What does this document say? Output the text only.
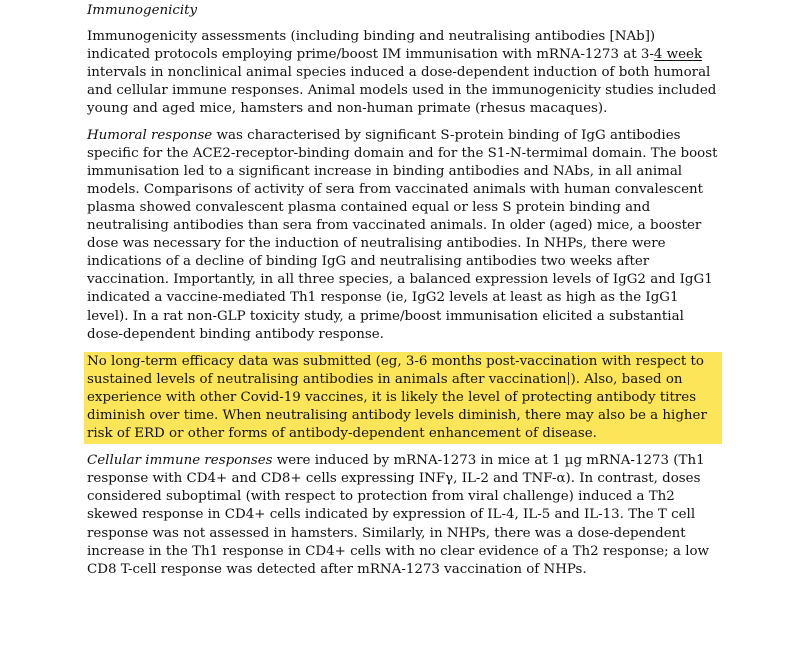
Immunogenicity

Immunogenicity assessments (including binding and neutralising antibodies [NAb]) indicated protocols employing prime/boost IM immunisation with mRNA-1273 at 3-4 week intervals in nonclinical animal species induced a dose-dependent induction of both humoral and cellular immune responses. Animal models used in the immunogenicity studies included young and aged mice, hamsters and non-human primate (rhesus macaques).

Humoral response was characterised by significant S-protein binding of IgG antibodies specific for the ACE2-receptor-binding domain and for the S1-N-termimal domain. The boost immunisation led to a significant increase in binding antibodies and NAbs, in all animal models. Comparisons of activity of sera from vaccinated animals with human convalescent plasma showed convalescent plasma contained equal or less S protein binding and neutralising antibodies than sera from vaccinated animals. In older (aged) mice, a booster dose was necessary for the induction of neutralising antibodies. In NHPs, there were indications of a decline of binding IgG and neutralising antibodies two weeks after vaccination. Importantly, in all three species, a balanced expression levels of IgG2 and IgG1 indicated a vaccine-mediated Th1 response (ie, IgG2 levels at least as high as the IgG1 level). In a rat non-GLP toxicity study, a prime/boost immunisation elicited a substantial dose-dependent binding antibody response.

No long-term efficacy data was submitted (eg, 3-6 months post-vaccination with respect to sustained levels of neutralising antibodies in animals after vaccination ). Also, based on experience with other Covid-19 vaccines, it is likely the level of protecting antibody titres diminish over time. When neutralising antibody levels diminish, there may also be a higher risk of ERD or other forms of antibody-dependent enhancement of disease.

Cellular immune responses were induced by mRNA-1273 in mice at 1 µg mRNA-1273 (Th1 response with CD4+ and CD8+ cells expressing INFγ, IL-2 and TNF-α). In contrast, doses considered suboptimal (with respect to protection from viral challenge) induced a Th2 skewed response in CD4+ cells indicated by expression of IL-4, IL-5 and IL-13. The T cell response was not assessed in hamsters. Similarly, in NHPs, there was a dose-dependent increase in the Th1 response in CD4+ cells with no clear evidence of a Th2 response; a low CD8 T-cell response was detected after mRNA-1273 vaccination of NHPs.
